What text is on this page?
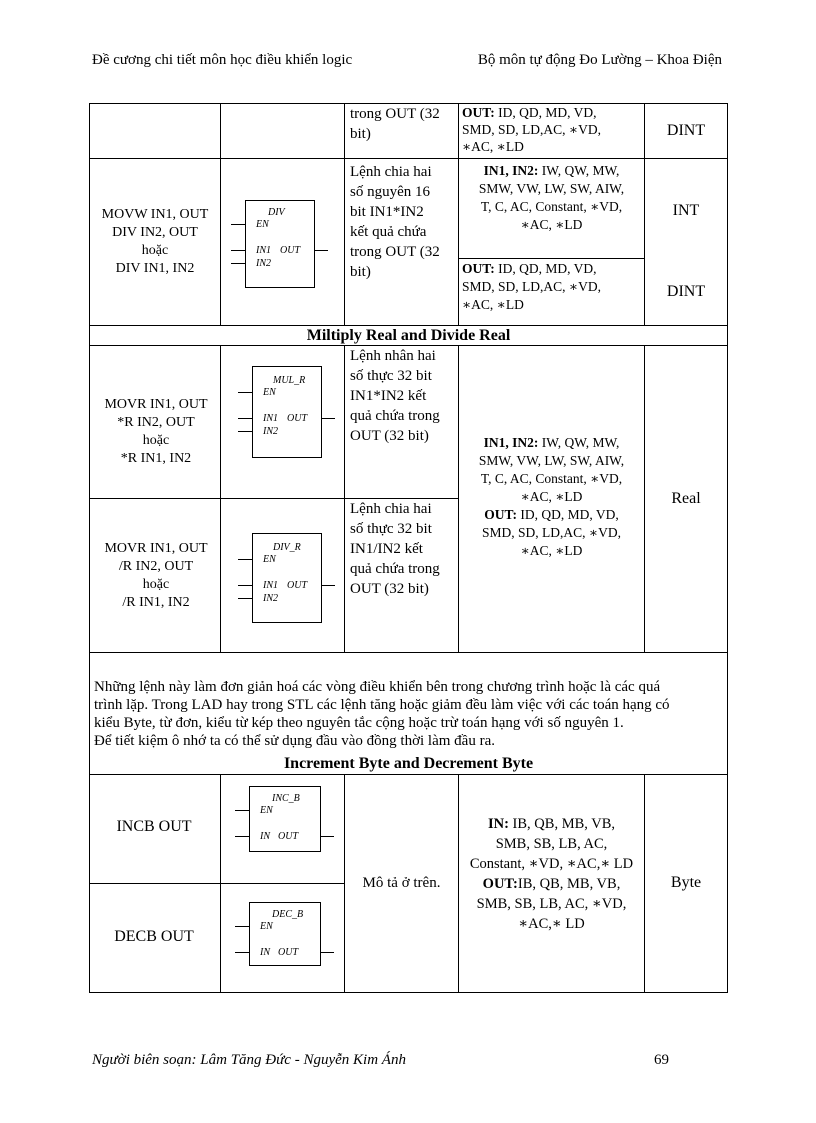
Đề cương chi tiết môn học điều khiển logic	Bộ môn tự động Đo Lường – Khoa Điện
trong OUT (32
bit)
OUT: ID, QD, MD, VD,
SMD, SD, LD,AC, ∗VD,
∗AC, ∗LD
DINT
MOVW IN1, OUT
DIV IN2, OUT
hoặc
DIV IN1, IN2
DIV
EN
IN1 OUT
IN2
Lệnh chia hai
số nguyên 16
bit IN1*IN2
kết quả chứa
trong OUT (32
bit)
IN1, IN2: IW, QW, MW,
SMW, VW, LW, SW, AIW,
T, C, AC, Constant, ∗VD,
∗AC, ∗LD
INT
OUT: ID, QD, MD, VD,
SMD, SD, LD,AC, ∗VD,
∗AC, ∗LD
DINT
Miltiply Real and Divide Real
MOVR IN1, OUT
*R IN2, OUT
hoặc
*R IN1, IN2
MUL_R
EN
IN1 OUT
IN2
Lệnh nhân hai
số thực 32 bit
IN1*IN2 kết
quả chứa trong
OUT (32 bit)
MOVR IN1, OUT
/R IN2, OUT
hoặc
/R IN1, IN2
DIV_R
EN
IN1 OUT
IN2
Lệnh chia hai
số thực 32 bit
IN1/IN2 kết
quả chứa trong
OUT (32 bit)
IN1, IN2: IW, QW, MW,
SMW, VW, LW, SW, AIW,
T, C, AC, Constant, ∗VD,
∗AC, ∗LD
OUT: ID, QD, MD, VD,
SMD, SD, LD,AC, ∗VD,
∗AC, ∗LD
Real
Những lệnh này làm đơn giản hoá các vòng điều khiển bên trong chương trình hoặc là các quá
trình lặp. Trong LAD hay trong STL các lệnh tăng hoặc giảm đều làm việc với các toán hạng có
kiểu Byte, từ đơn, kiểu từ kép theo nguyên tắc cộng hoặc trừ toán hạng với số nguyên 1.
Để tiết kiệm ô nhớ ta có thể sử dụng đầu vào đồng thời làm đầu ra.
Increment Byte and Decrement Byte
INCB OUT
INC_B
EN
IN OUT
DECB OUT
DEC_B
EN
IN OUT
Mô tả ở trên.
IN: IB, QB, MB, VB,
SMB, SB, LB, AC,
Constant, ∗VD, ∗AC,∗ LD
OUT:IB, QB, MB, VB,
SMB, SB, LB, AC, ∗VD,
∗AC,∗ LD
Byte
Người biên soạn: Lâm Tăng Đức - Nguyễn Kim Ánh	69
